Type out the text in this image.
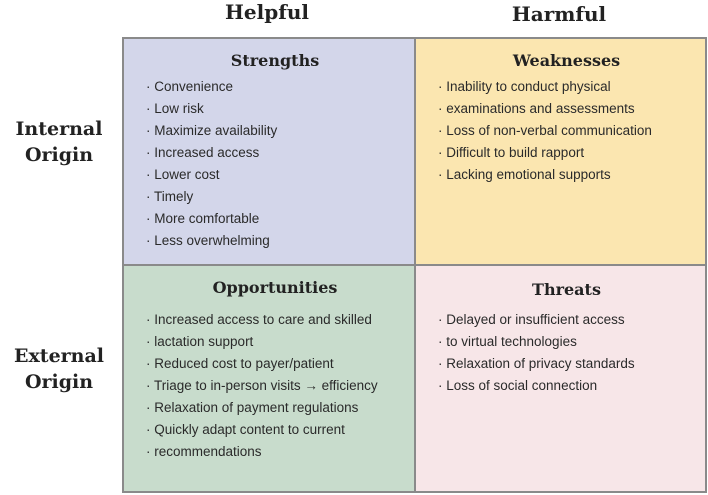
Helpful	Harmful
Internal
Origin
External
Origin
Strengths
· Convenience
· Low risk
· Maximize availability
· Increased access
· Lower cost
· Timely
· More comfortable
· Less overwhelming
Weaknesses
· Inability to conduct physical
· examinations and assessments
· Loss of non-verbal communication
· Difficult to build rapport
· Lacking emotional supports
Opportunities
· Increased access to care and skilled
· lactation support
· Reduced cost to payer/patient
· Triage to in-person visits → efficiency
· Relaxation of payment regulations
· Quickly adapt content to current
· recommendations
Threats
· Delayed or insufficient access
· to virtual technologies
· Relaxation of privacy standards
· Loss of social connection
